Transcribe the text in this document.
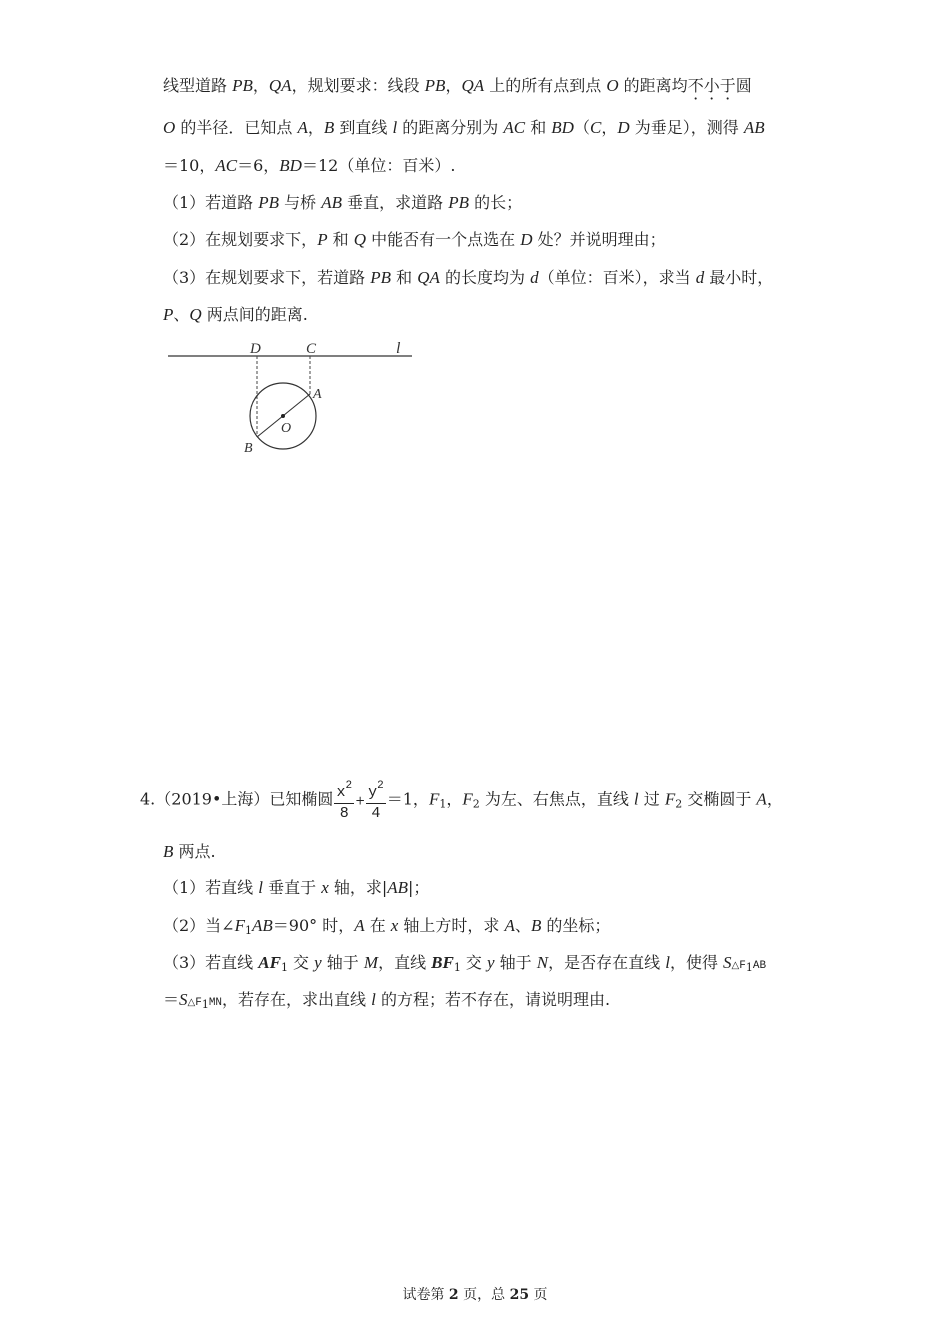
线型道路 PB，QA，规划要求：线段 PB，QA 上的所有点到点 O 的距离均不小于圆
O 的半径．已知点 A，B 到直线 l 的距离分别为 AC 和 BD（C，D 为垂足），测得 AB
＝10，AC＝6，BD＝12（单位：百米）.
（1）若道路 PB 与桥 AB 垂直，求道路 PB 的长；
（2）在规划要求下，P 和 Q 中能否有一个点选在 D 处？并说明理由；
（3）在规划要求下，若道路 PB 和 QA 的长度均为 d（单位：百米），求当 d 最小时，
P、Q 两点间的距离.
D	C	l
A
O
B
4.（2019•上海）已知椭圆 $\frac{x^2}{8} + \frac{y^2}{4} =1$，$F_1$，$F_2$ 为左、右焦点，直线 l 过 $F_2$ 交椭圆于 A，
B 两点.
（1）若直线 l 垂直于 x 轴，求|AB|；
（2）当$\angle F_1AB=90^\circ$ 时，A 在 x 轴上方时，求 A、B 的坐标；
（3）若直线 $AF_1$ 交 y 轴于 M，直线 $BF_1$ 交 y 轴于 N，是否存在直线 l，使得 $S\triangle F_1AB$
$=S\triangle F_1MN$，若存在，求出直线 l 的方程；若不存在，请说明理由.
试卷第 2 页，总 25 页
